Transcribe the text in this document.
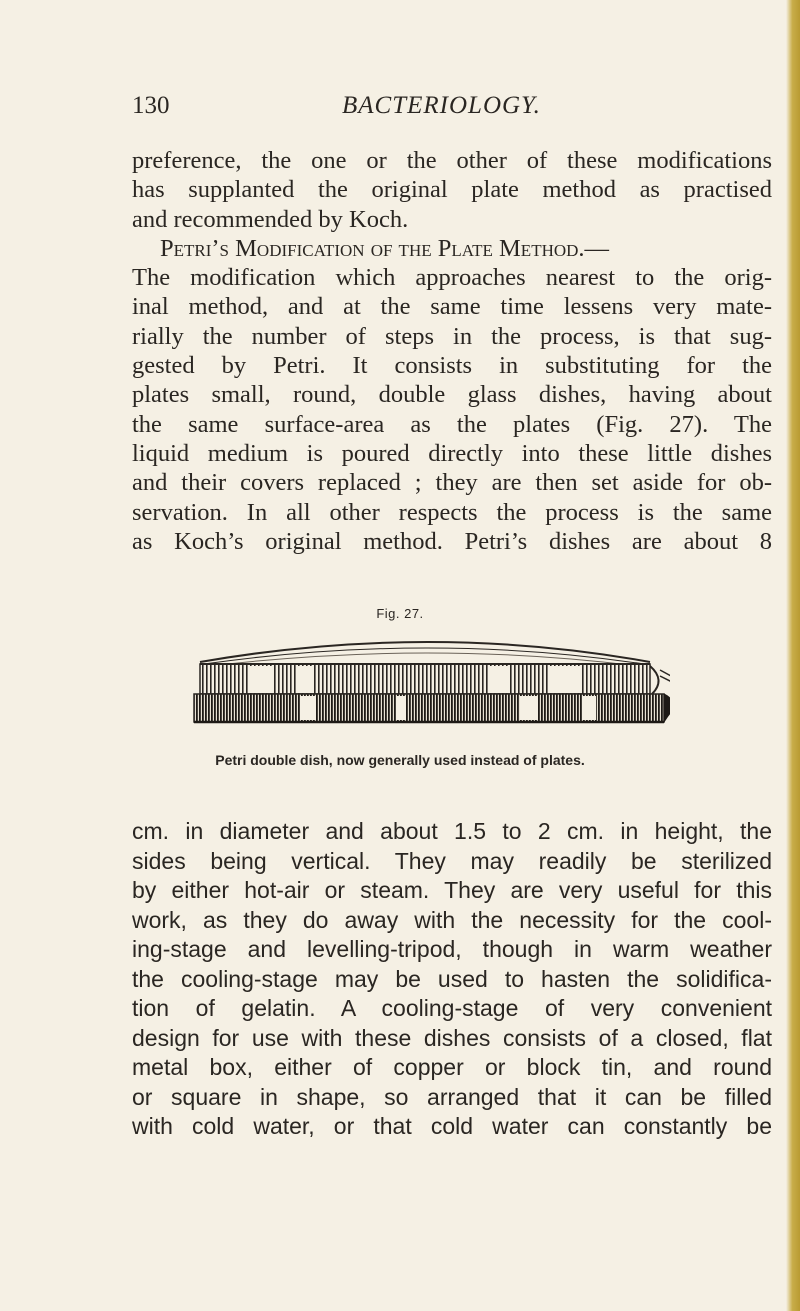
130	BACTERIOLOGY.
preference, the one or the other of these modifications
has supplanted the original plate method as practised
and recommended by Koch.
Petri’s Modification of the Plate Method.—
The modification which approaches nearest to the orig-
inal method, and at the same time lessens very mate-
rially the number of steps in the process, is that sug-
gested by Petri. It consists in substituting for the
plates small, round, double glass dishes, having about
the same surface-area as the plates (Fig. 27). The
liquid medium is poured directly into these little dishes
and their covers replaced ; they are then set aside for ob-
servation. In all other respects the process is the same
as Koch’s original method. Petri’s dishes are about 8
Fig. 27.
Petri double dish, now generally used instead of plates.
cm. in diameter and about 1.5 to 2 cm. in height, the
sides being vertical. They may readily be sterilized
by either hot-air or steam. They are very useful for this
work, as they do away with the necessity for the cool-
ing-stage and levelling-tripod, though in warm weather
the cooling-stage may be used to hasten the solidifica-
tion of gelatin. A cooling-stage of very convenient
design for use with these dishes consists of a closed, flat
metal box, either of copper or block tin, and round
or square in shape, so arranged that it can be filled
with cold water, or that cold water can constantly be
